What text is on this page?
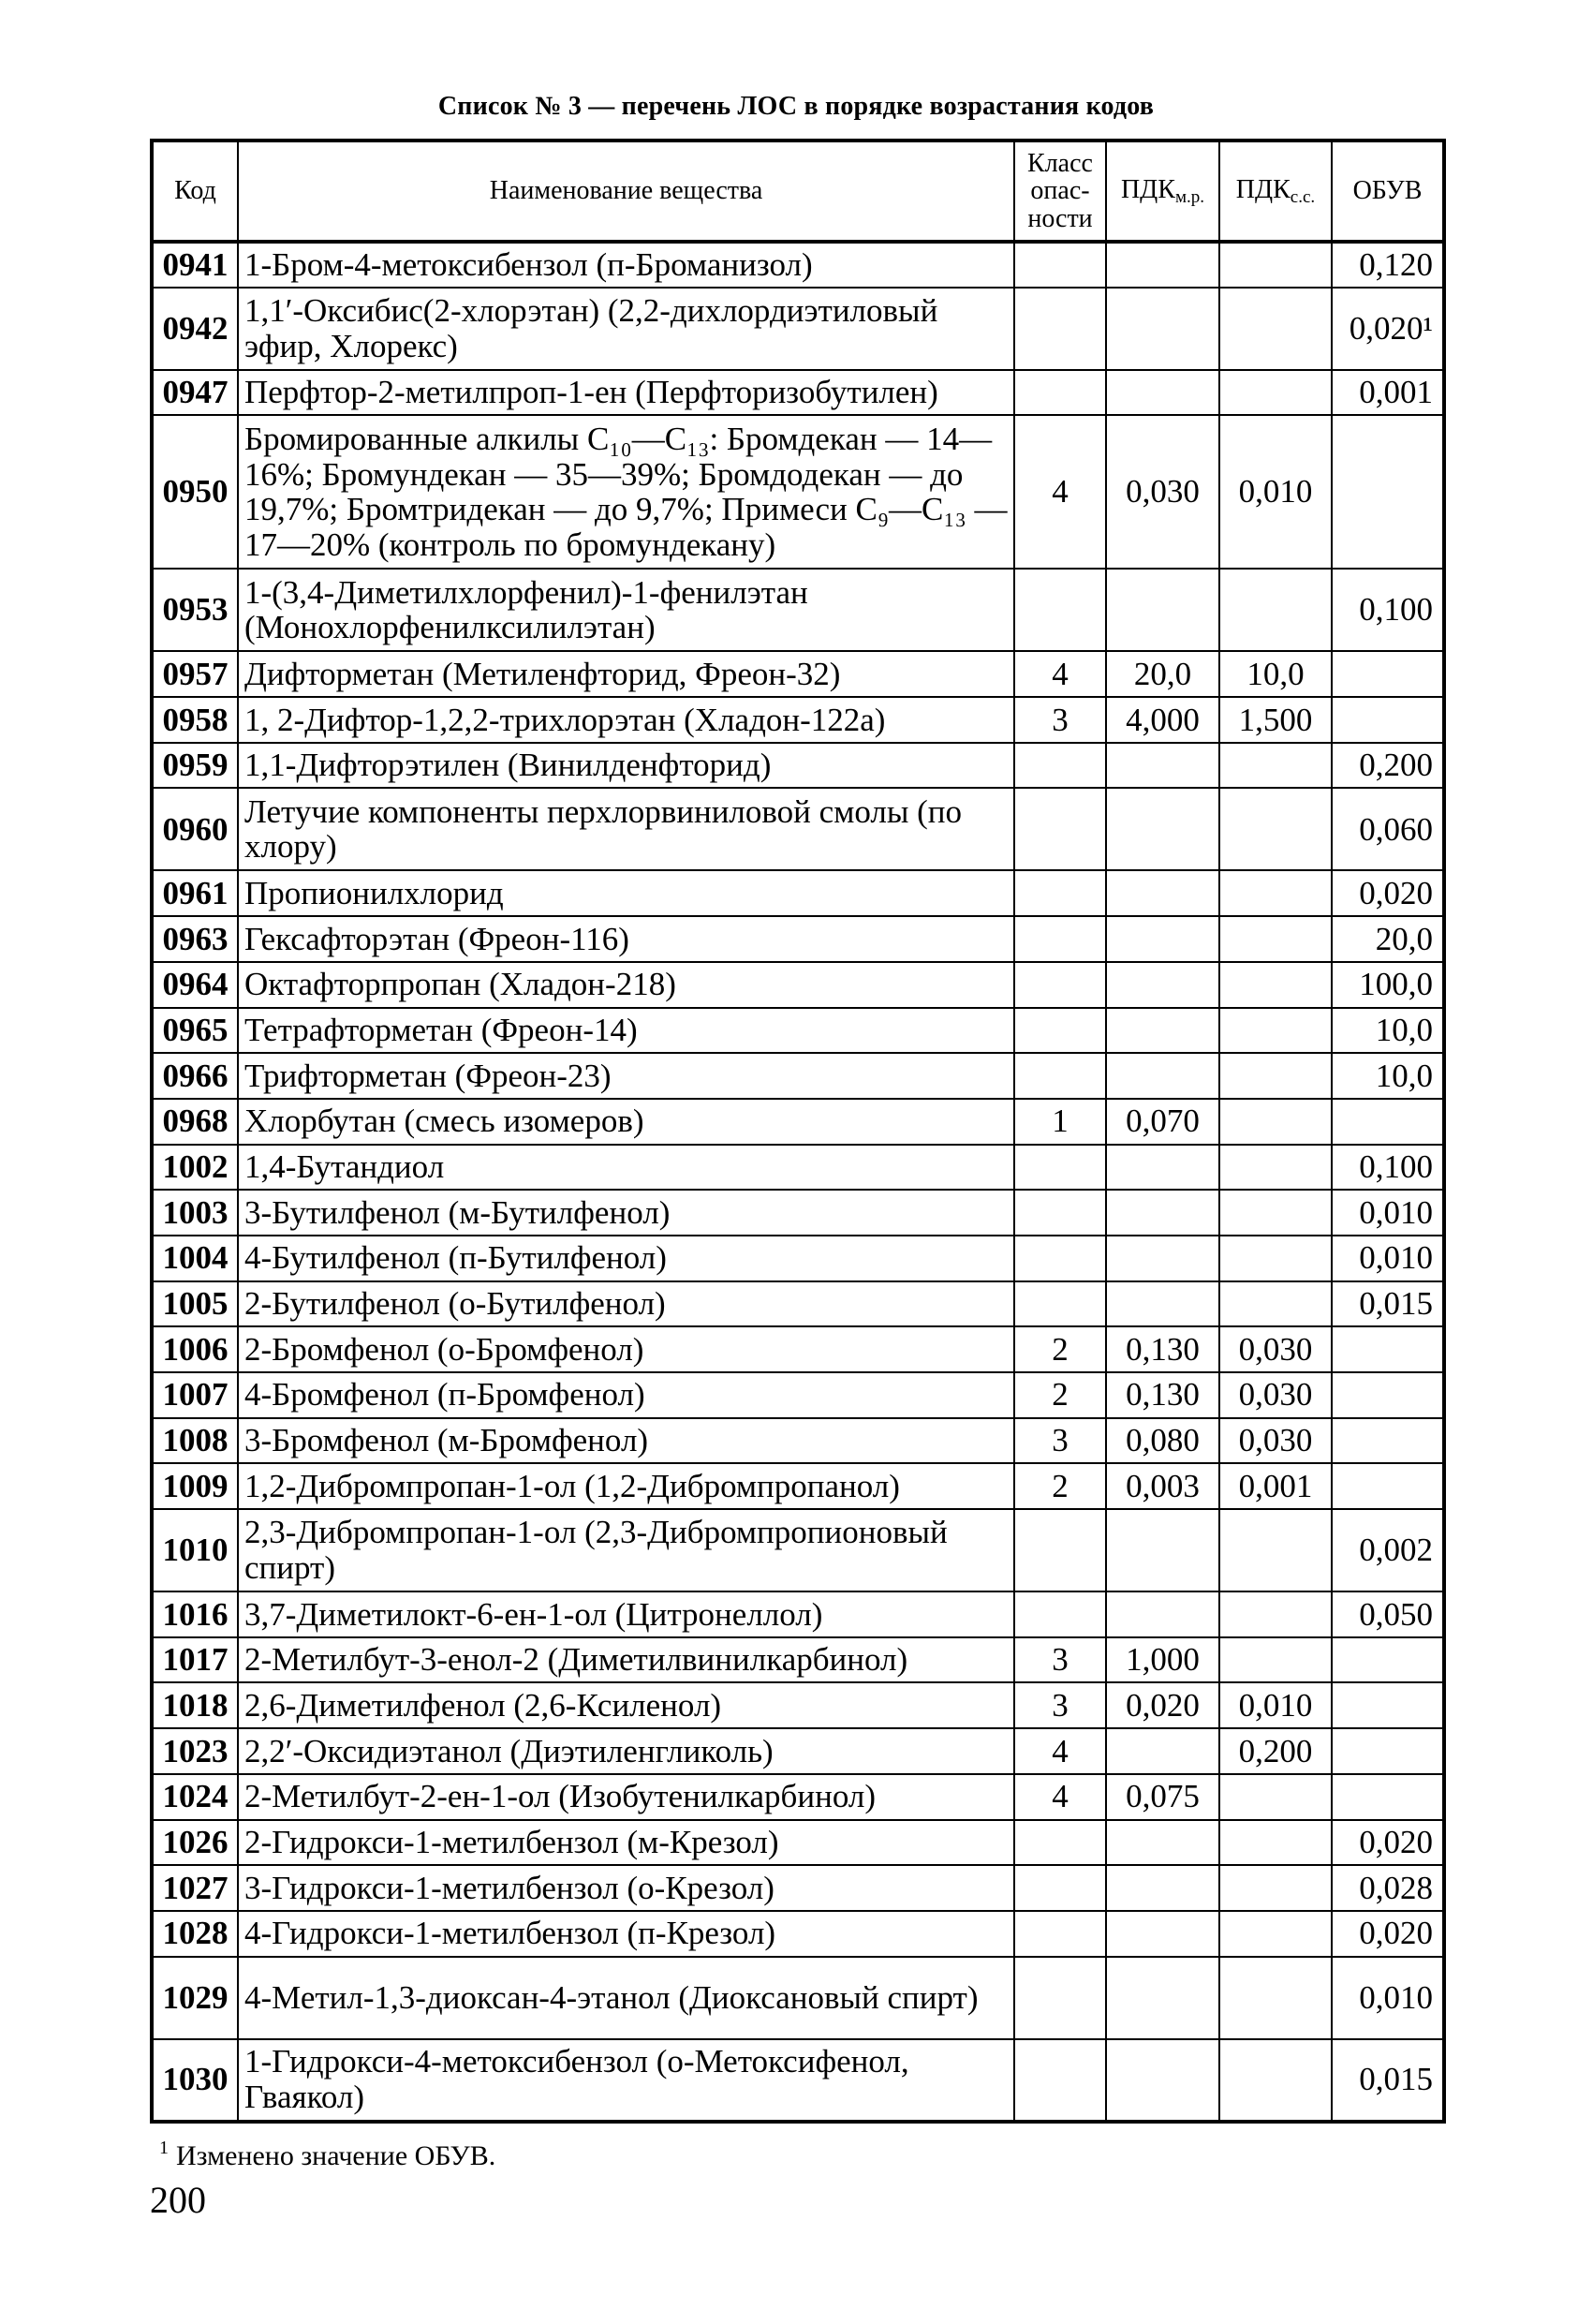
Список № 3 — перечень ЛОС в порядке возрастания кодов
Код	Наименование вещества	Класс опас- ности	$ПДК_{м.р.}$	$ПДК_{с.с.}$	ОБУВ
0941	1-Бром-4-метоксибензол (п-Броманизол)				0,120
0942	1,1′-Оксибис(2-хлорэтан) (2,2-дихлордиэтиловый эфир, Хлорекс)				0,020¹
0947	Перфтор-2-метилпроп-1-ен (Перфторизобутилен)				0,001
0950	Бромированные алкилы C₁₀—C₁₃: Бромдекан — 14—16%; Бромундекан — 35—39%; Бромдодекан — до 19,7%; Бромтридекан — до 9,7%; Примеси C₉—C₁₃ — 17—20% (контроль по бромундекану)	4	0,030	0,010	
0953	1-(3,4-Диметилхлорфенил)-1-фенилэтан (Монохлорфенилксилилэтан)				0,100
0957	Дифторметан (Метиленфторид, Фреон-32)	4	20,0	10,0	
0958	1, 2-Дифтор-1,2,2-трихлорэтан (Хладон-122а)	3	4,000	1,500	
0959	1,1-Дифторэтилен (Винилденфторид)				0,200
0960	Летучие компоненты перхлорвиниловой смолы (по хлору)				0,060
0961	Пропионилхлорид				0,020
0963	Гексафторэтан (Фреон-116)				20,0
0964	Октафторпропан (Хладон-218)				100,0
0965	Тетрафторметан (Фреон-14)				10,0
0966	Трифторметан (Фреон-23)				10,0
0968	Хлорбутан (смесь изомеров)	1	0,070		
1002	1,4-Бутандиол				0,100
1003	3-Бутилфенол (м-Бутилфенол)				0,010
1004	4-Бутилфенол (п-Бутилфенол)				0,010
1005	2-Бутилфенол (о-Бутилфенол)				0,015
1006	2-Бромфенол (о-Бромфенол)	2	0,130	0,030	
1007	4-Бромфенол (п-Бромфенол)	2	0,130	0,030	
1008	3-Бромфенол (м-Бромфенол)	3	0,080	0,030	
1009	1,2-Дибромпропан-1-ол (1,2-Дибромпропанол)	2	0,003	0,001	
1010	2,3-Дибромпропан-1-ол (2,3-Дибромпропионовый спирт)				0,002
1016	3,7-Диметилокт-6-ен-1-ол (Цитронеллол)				0,050
1017	2-Метилбут-3-енол-2 (Диметилвинилкарбинол)	3	1,000		
1018	2,6-Диметилфенол (2,6-Ксиленол)	3	0,020	0,010	
1023	2,2′-Оксидиэтанол (Диэтиленгликоль)	4		0,200	
1024	2-Метилбут-2-ен-1-ол (Изобутенилкарбинол)	4	0,075		
1026	2-Гидрокси-1-метилбензол (м-Крезол)				0,020
1027	3-Гидрокси-1-метилбензол (о-Крезол)				0,028
1028	4-Гидрокси-1-метилбензол (п-Крезол)				0,020
1029	4-Метил-1,3-диоксан-4-этанол (Диоксановый спирт)				0,010
1030	1-Гидрокси-4-метоксибензол (о-Метоксифенол, Гваякол)				0,015
$^1$ Изменено значение ОБУВ.
200
